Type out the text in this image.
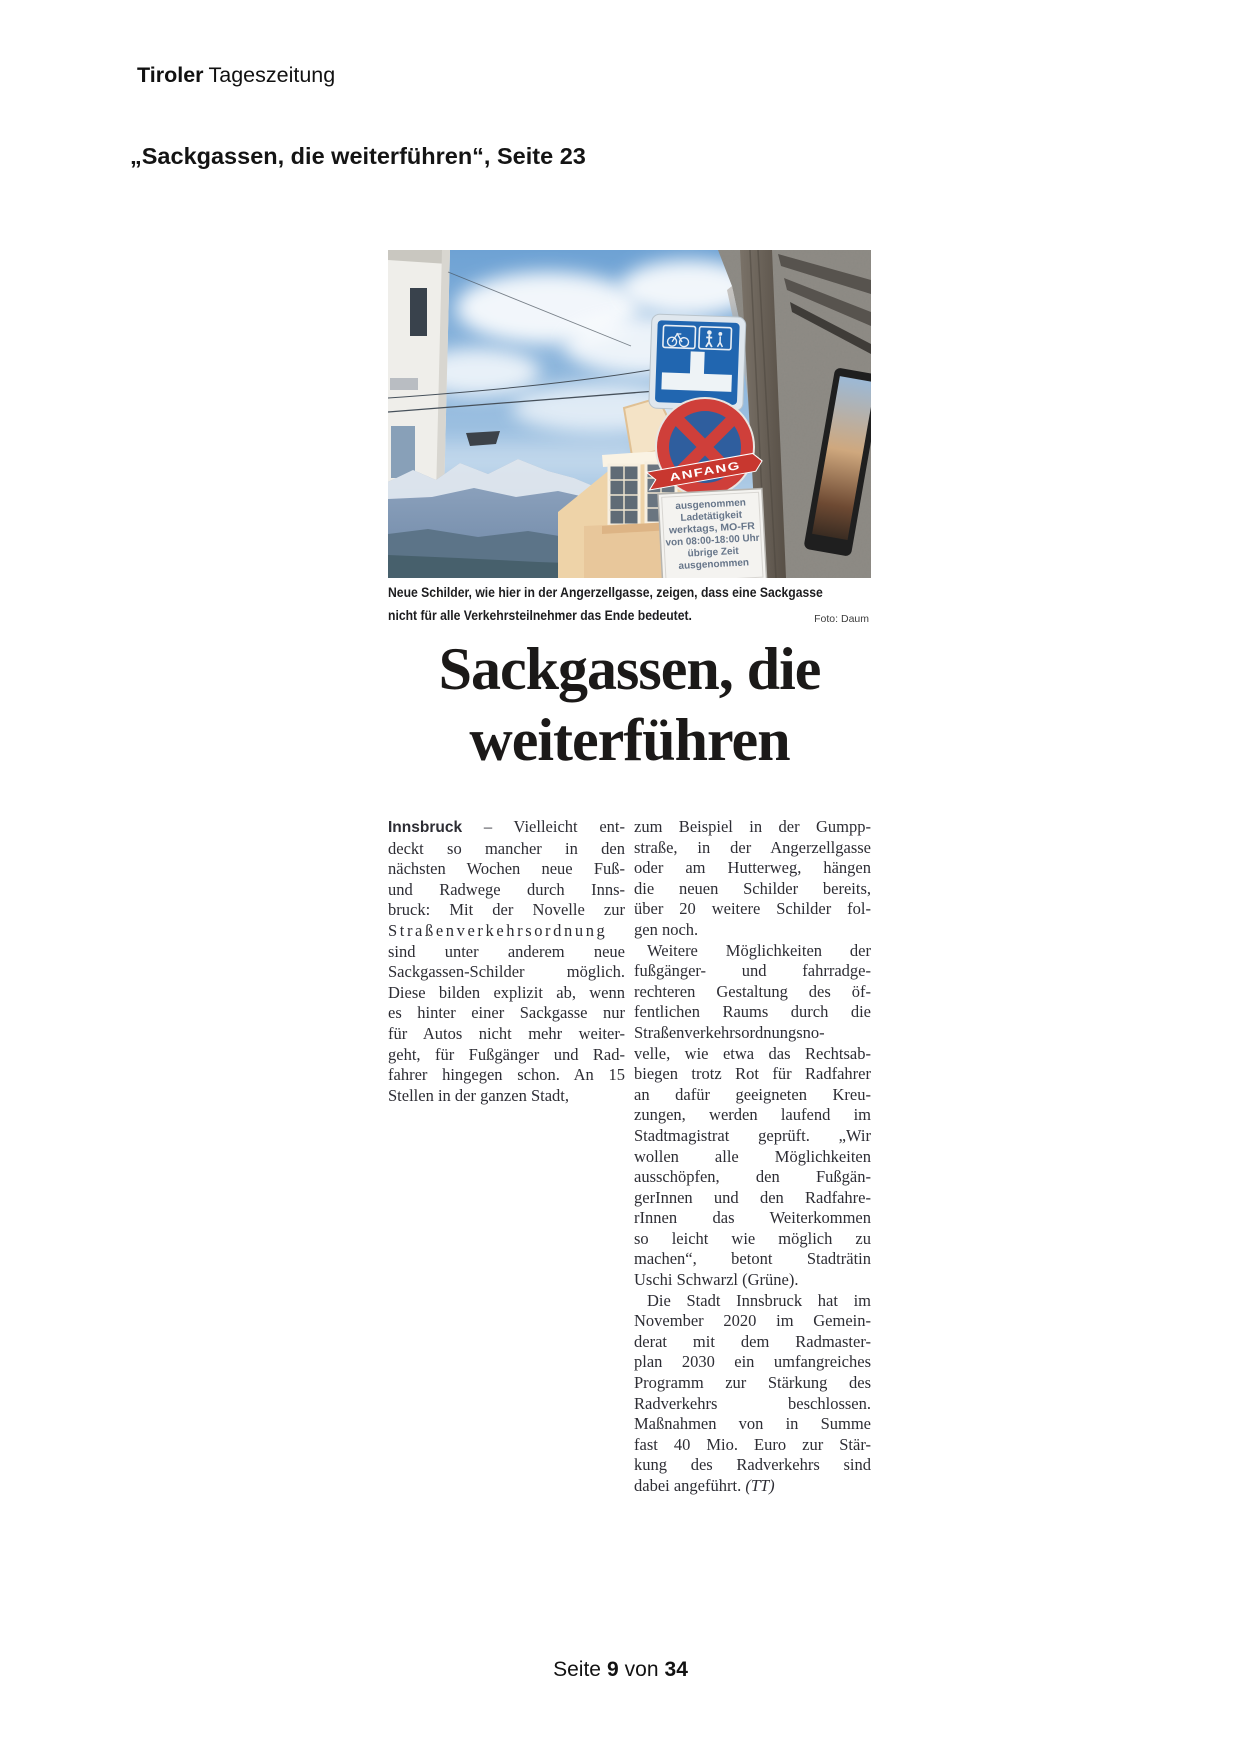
Tiroler Tageszeitung
„Sackgassen, die weiterführen“, Seite 23
ANFANG
ausgenommen
Ladetätigkeit
werktags, MO-FR
von 08:00-18:00 Uhr
übrige Zeit
ausgenommen
Neue Schilder, wie hier in der Angerzellgasse, zeigen, dass eine Sackgasse
nicht für alle Verkehrsteilnehmer das Ende bedeutet.	Foto: Daum
Sackgassen, die
weiterführen
Innsbruck – Vielleicht ent-
deckt so mancher in den
nächsten Wochen neue Fuß-
und Radwege durch Inns-
bruck: Mit der Novelle zur
Straßenverkehrsordnung
sind unter anderem neue
Sackgassen-Schilder möglich.
Diese bilden explizit ab, wenn
es hinter einer Sackgasse nur
für Autos nicht mehr weiter-
geht, für Fußgänger und Rad-
fahrer hingegen schon. An 15
Stellen in der ganzen Stadt,
zum Beispiel in der Gumpp-
straße, in der Angerzellgasse
oder am Hutterweg, hängen
die neuen Schilder bereits,
über 20 weitere Schilder fol-
gen noch.
Weitere Möglichkeiten der
fußgänger- und fahrradge-
rechteren Gestaltung des öf-
fentlichen Raums durch die
Straßenverkehrsordnungsno-
velle, wie etwa das Rechtsab-
biegen trotz Rot für Radfahrer
an dafür geeigneten Kreu-
zungen, werden laufend im
Stadtmagistrat geprüft. „Wir
wollen alle Möglichkeiten
ausschöpfen, den Fußgän-
gerInnen und den Radfahre-
rInnen das Weiterkommen
so leicht wie möglich zu
machen“, betont Stadträtin
Uschi Schwarzl (Grüne).
Die Stadt Innsbruck hat im
November 2020 im Gemein-
derat mit dem Radmaster-
plan 2030 ein umfangreiches
Programm zur Stärkung des
Radverkehrs beschlossen.
Maßnahmen von in Summe
fast 40 Mio. Euro zur Stär-
kung des Radverkehrs sind
dabei angeführt. (TT)
Seite 9 von 34
